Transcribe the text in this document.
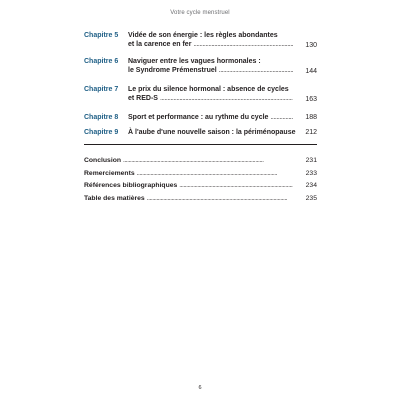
Votre cycle menstruel
Chapitre 5 Vidée de son énergie : les règles abondantes
et la carence en fer . . .	130
Chapitre 6 Naviguer entre les vagues hormonales :
le Syndrome Prémenstruel . . .	144
Chapitre 7 Le prix du silence hormonal : absence de cycles
et RED-S . . .	163
Chapitre 8 Sport et performance : au rythme du cycle . . .	188
Chapitre 9 À l'aube d'une nouvelle saison : la périménopause	212
Conclusion . . .	231
Remerciements . . .	233
Références bibliographiques . . .	234
Table des matières . . .	235
6
